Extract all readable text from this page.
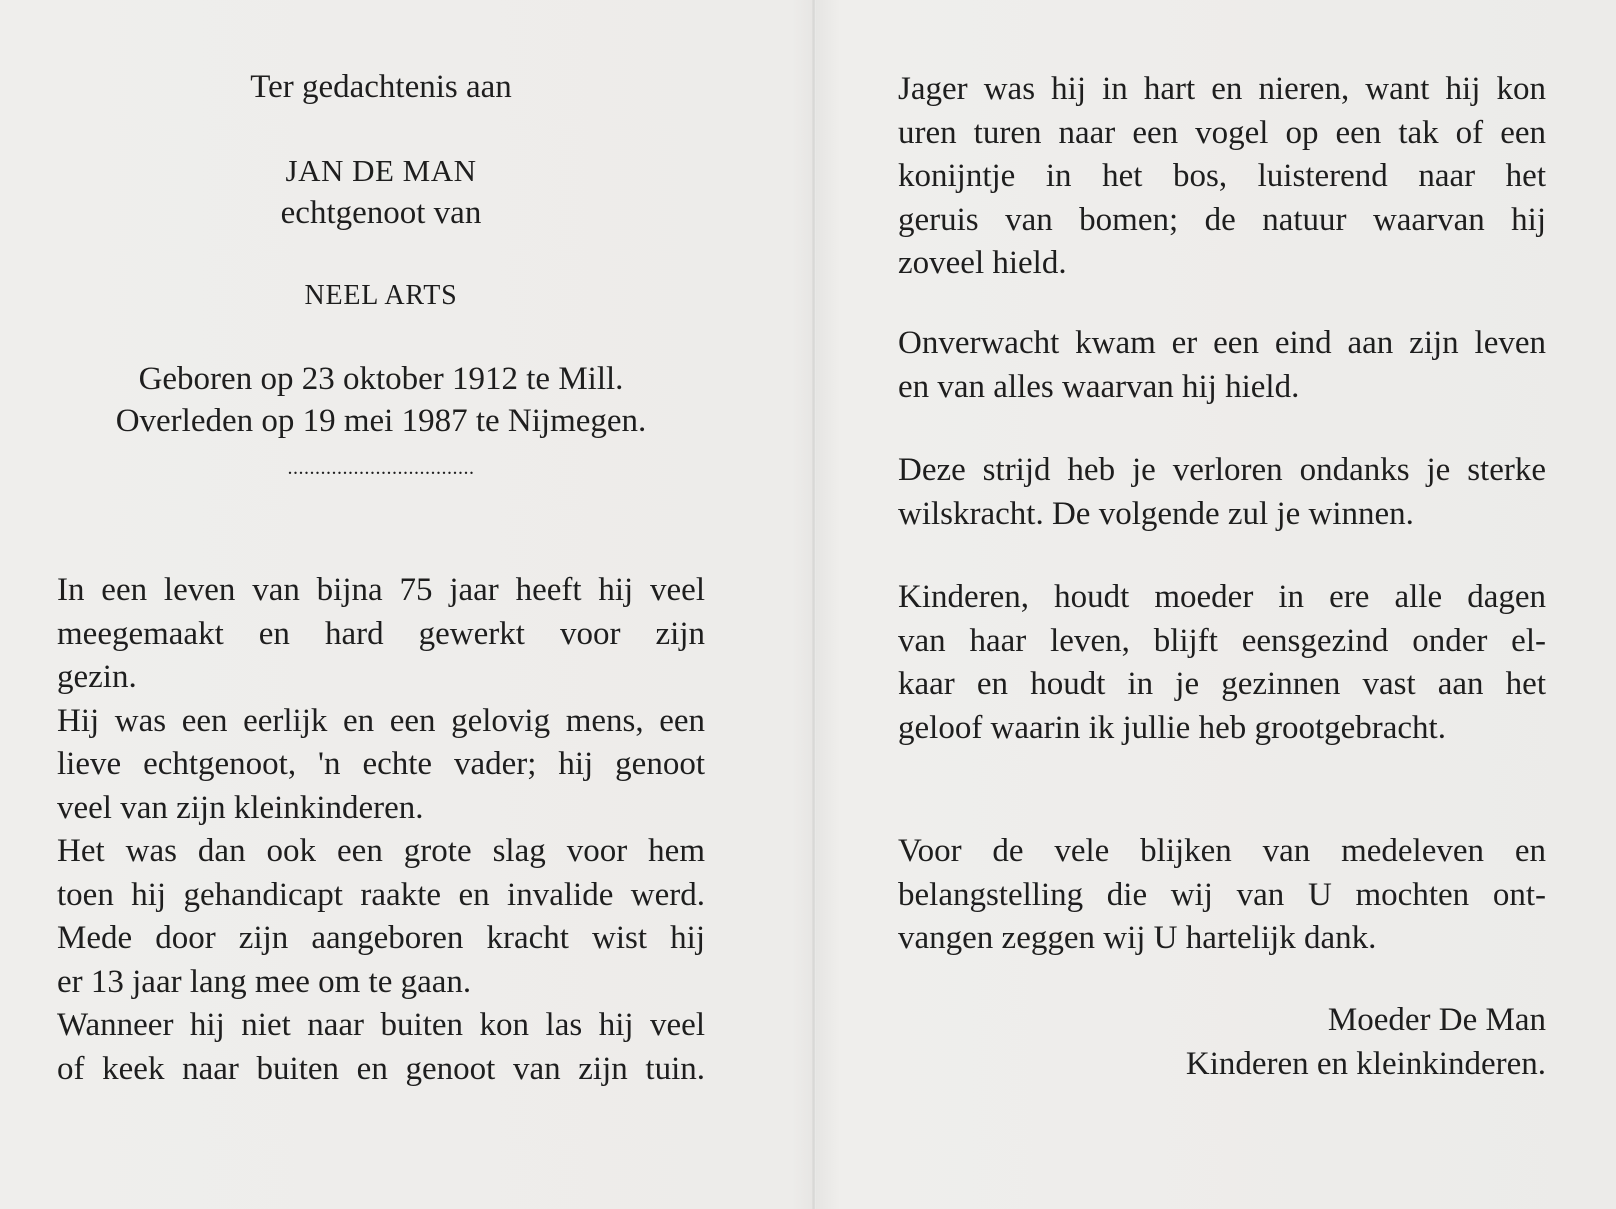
Ter gedachtenis aan
JAN DE MAN
echtgenoot van
NEEL ARTS
Geboren op 23 oktober 1912 te Mill.
Overleden op 19 mei 1987 te Nijmegen.
..................................
In een leven van bijna 75 jaar heeft hij veel
meegemaakt en hard gewerkt voor zijn
gezin.
Hij was een eerlijk en een gelovig mens, een
lieve echtgenoot, 'n echte vader; hij genoot
veel van zijn kleinkinderen.
Het was dan ook een grote slag voor hem
toen hij gehandicapt raakte en invalide werd.
Mede door zijn aangeboren kracht wist hij
er 13 jaar lang mee om te gaan.
Wanneer hij niet naar buiten kon las hij veel
of keek naar buiten en genoot van zijn tuin.
Jager was hij in hart en nieren, want hij kon
uren turen naar een vogel op een tak of een
konijntje in het bos, luisterend naar het
geruis van bomen; de natuur waarvan hij
zoveel hield.
Onverwacht kwam er een eind aan zijn leven
en van alles waarvan hij hield.
Deze strijd heb je verloren ondanks je sterke
wilskracht. De volgende zul je winnen.
Kinderen, houdt moeder in ere alle dagen
van haar leven, blijft eensgezind onder el-
kaar en houdt in je gezinnen vast aan het
geloof waarin ik jullie heb grootgebracht.
Voor de vele blijken van medeleven en
belangstelling die wij van U mochten ont-
vangen zeggen wij U hartelijk dank.
Moeder De Man
Kinderen en kleinkinderen.
